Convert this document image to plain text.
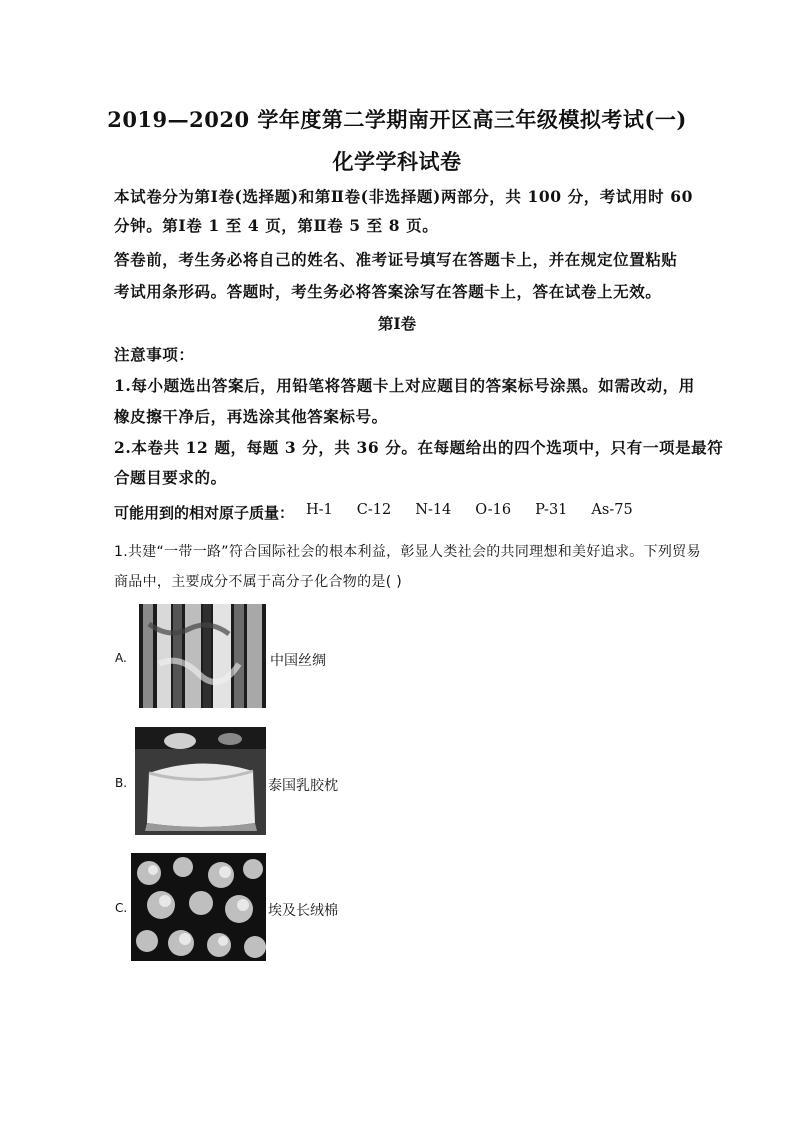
2019—2020 学年度第二学期南开区高三年级模拟考试(一)
化学学科试卷
本试卷分为第Ⅰ卷(选择题)和第Ⅱ卷(非选择题)两部分，共 100 分，考试用时 60
分钟。第Ⅰ卷 1 至 4 页，第Ⅱ卷 5 至 8 页。
答卷前，考生务必将自己的姓名、准考证号填写在答题卡上，并在规定位置粘贴
考试用条形码。答题时，考生务必将答案涂写在答题卡上，答在试卷上无效。
第Ⅰ卷
注意事项：
1.每小题选出答案后，用铅笔将答题卡上对应题目的答案标号涂黑。如需改动，用
橡皮擦干净后，再选涂其他答案标号。
2.本卷共 12 题，每题 3 分，共 36 分。在每题给出的四个选项中，只有一项是最符
合题目要求的。
可能用到的相对原子质量： H-1 C-12 N-14 O-16 P-31 As-75
1.共建“一带一路”符合国际社会的根本利益，彰显人类社会的共同理想和美好追求。下列贸易
商品中，主要成分不属于高分子化合物的是( )
A.	中国丝绸
B.	泰国乳胶枕
C.	埃及长绒棉
